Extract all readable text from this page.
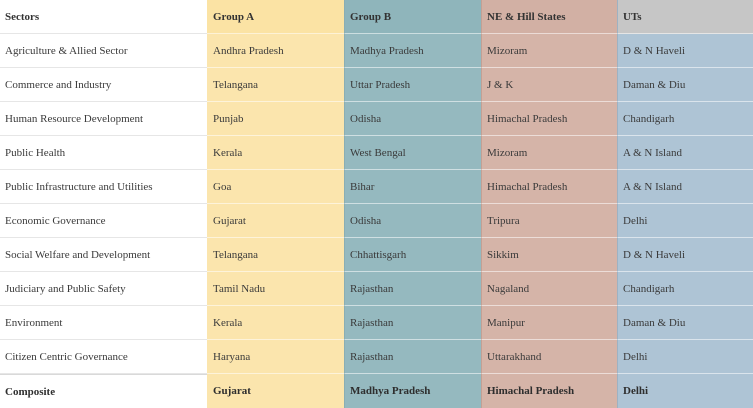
Sectors	Group A	Group B	NE & Hill States	UTs
Agriculture & Allied Sector	Andhra Pradesh	Madhya Pradesh	Mizoram	D & N Haveli
Commerce and Industry	Telangana	Uttar Pradesh	J & K	Daman & Diu
Human Resource Development	Punjab	Odisha	Himachal Pradesh	Chandigarh
Public Health	Kerala	West Bengal	Mizoram	A & N Island
Public Infrastructure and Utilities	Goa	Bihar	Himachal Pradesh	A & N Island
Economic Governance	Gujarat	Odisha	Tripura	Delhi
Social Welfare and Development	Telangana	Chhattisgarh	Sikkim	D & N Haveli
Judiciary and Public Safety	Tamil Nadu	Rajasthan	Nagaland	Chandigarh
Environment	Kerala	Rajasthan	Manipur	Daman & Diu
Citizen Centric Governance	Haryana	Rajasthan	Uttarakhand	Delhi
Composite	Gujarat	Madhya Pradesh	Himachal Pradesh	Delhi
